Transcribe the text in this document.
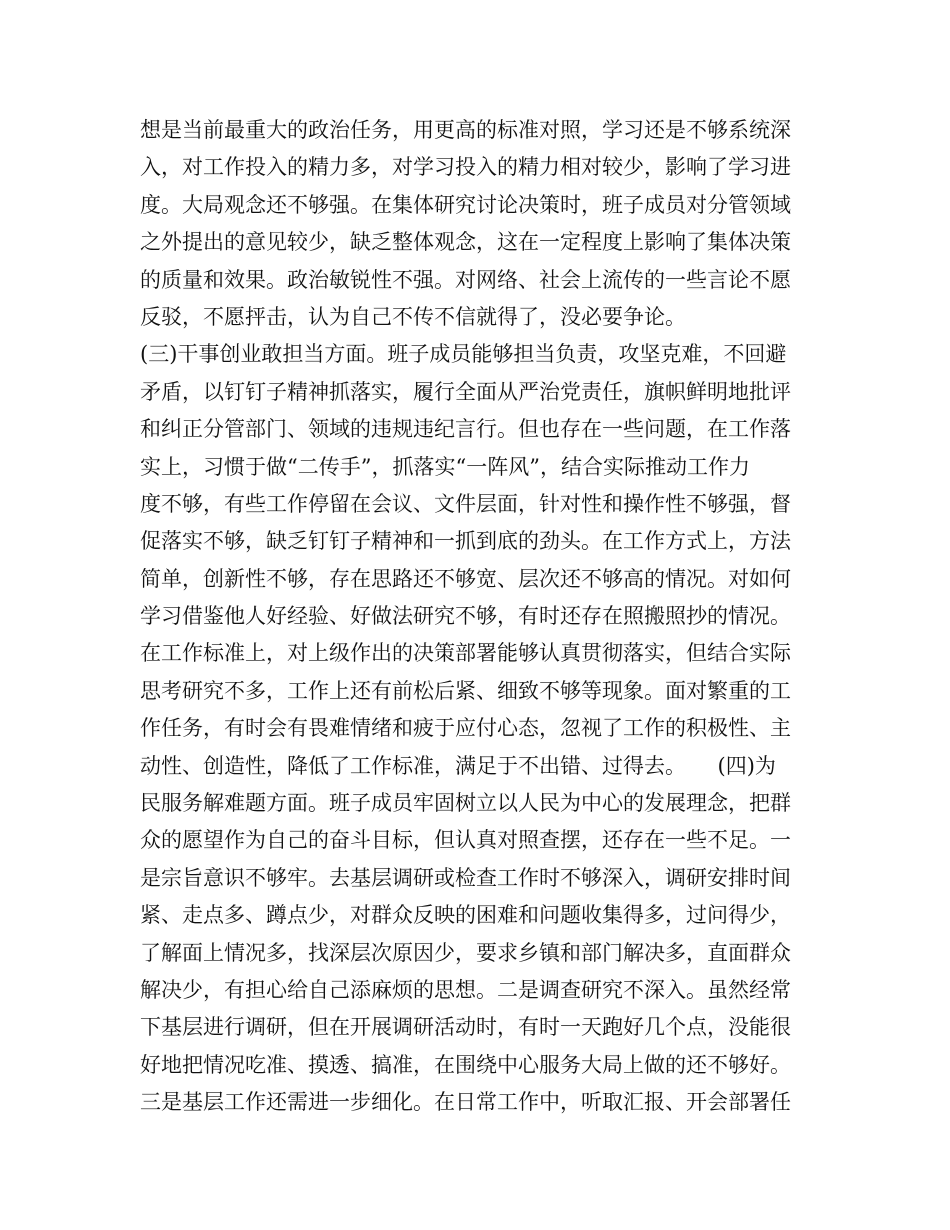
想是当前最重大的政治任务，用更高的标准对照，学习还是不够系统深
入，对工作投入的精力多，对学习投入的精力相对较少，影响了学习进
度。大局观念还不够强。在集体研究讨论决策时，班子成员对分管领域
之外提出的意见较少，缺乏整体观念，这在一定程度上影响了集体决策
的质量和效果。政治敏锐性不强。对网络、社会上流传的一些言论不愿
反驳，不愿抨击，认为自己不传不信就得了，没必要争论。
(三)干事创业敢担当方面。班子成员能够担当负责，攻坚克难，不回避
矛盾，以钉钉子精神抓落实，履行全面从严治党责任，旗帜鲜明地批评
和纠正分管部门、领域的违规违纪言行。但也存在一些问题，在工作落
实上，习惯于做“二传手”，抓落实“一阵风”，结合实际推动工作力
度不够，有些工作停留在会议、文件层面，针对性和操作性不够强，督
促落实不够，缺乏钉钉子精神和一抓到底的劲头。在工作方式上，方法
简单，创新性不够，存在思路还不够宽、层次还不够高的情况。对如何
学习借鉴他人好经验、好做法研究不够，有时还存在照搬照抄的情况。
在工作标准上，对上级作出的决策部署能够认真贯彻落实，但结合实际
思考研究不多，工作上还有前松后紧、细致不够等现象。面对繁重的工
作任务，有时会有畏难情绪和疲于应付心态，忽视了工作的积极性、主
动性、创造性，降低了工作标准，满足于不出错、过得去。　　(四)为
民服务解难题方面。班子成员牢固树立以人民为中心的发展理念，把群
众的愿望作为自己的奋斗目标，但认真对照查摆，还存在一些不足。一
是宗旨意识不够牢。去基层调研或检查工作时不够深入，调研安排时间
紧、走点多、蹲点少，对群众反映的困难和问题收集得多，过问得少，
了解面上情况多，找深层次原因少，要求乡镇和部门解决多，直面群众
解决少，有担心给自己添麻烦的思想。二是调查研究不深入。虽然经常
下基层进行调研，但在开展调研活动时，有时一天跑好几个点，没能很
好地把情况吃准、摸透、搞准，在围绕中心服务大局上做的还不够好。
三是基层工作还需进一步细化。在日常工作中，听取汇报、开会部署任
